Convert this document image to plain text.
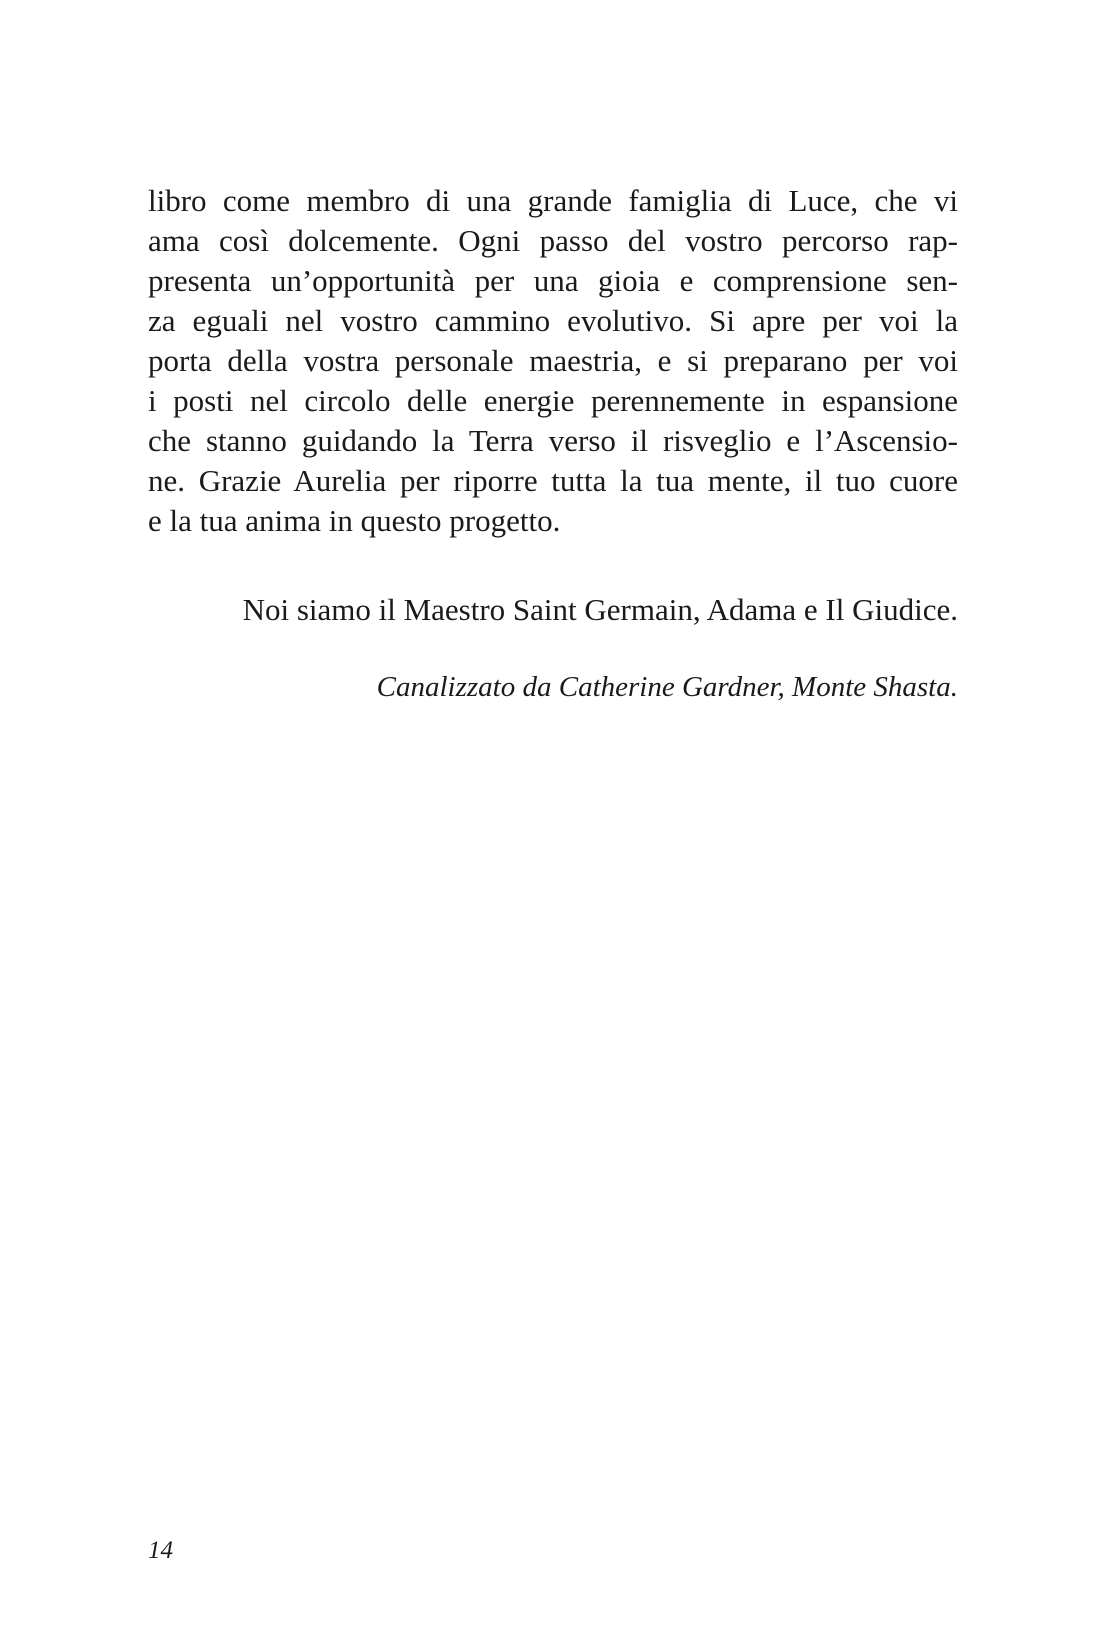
libro come membro di una grande famiglia di Luce, che vi
ama così dolcemente. Ogni passo del vostro percorso rap-
presenta un’opportunità per una gioia e comprensione sen-
za eguali nel vostro cammino evolutivo. Si apre per voi la
porta della vostra personale maestria, e si preparano per voi
i posti nel circolo delle energie perennemente in espansione
che stanno guidando la Terra verso il risveglio e l’Ascensio-
ne. Grazie Aurelia per riporre tutta la tua mente, il tuo cuore
e la tua anima in questo progetto.

Noi siamo il Maestro Saint Germain, Adama e Il Giudice.

Canalizzato da Catherine Gardner, Monte Shasta.

14
